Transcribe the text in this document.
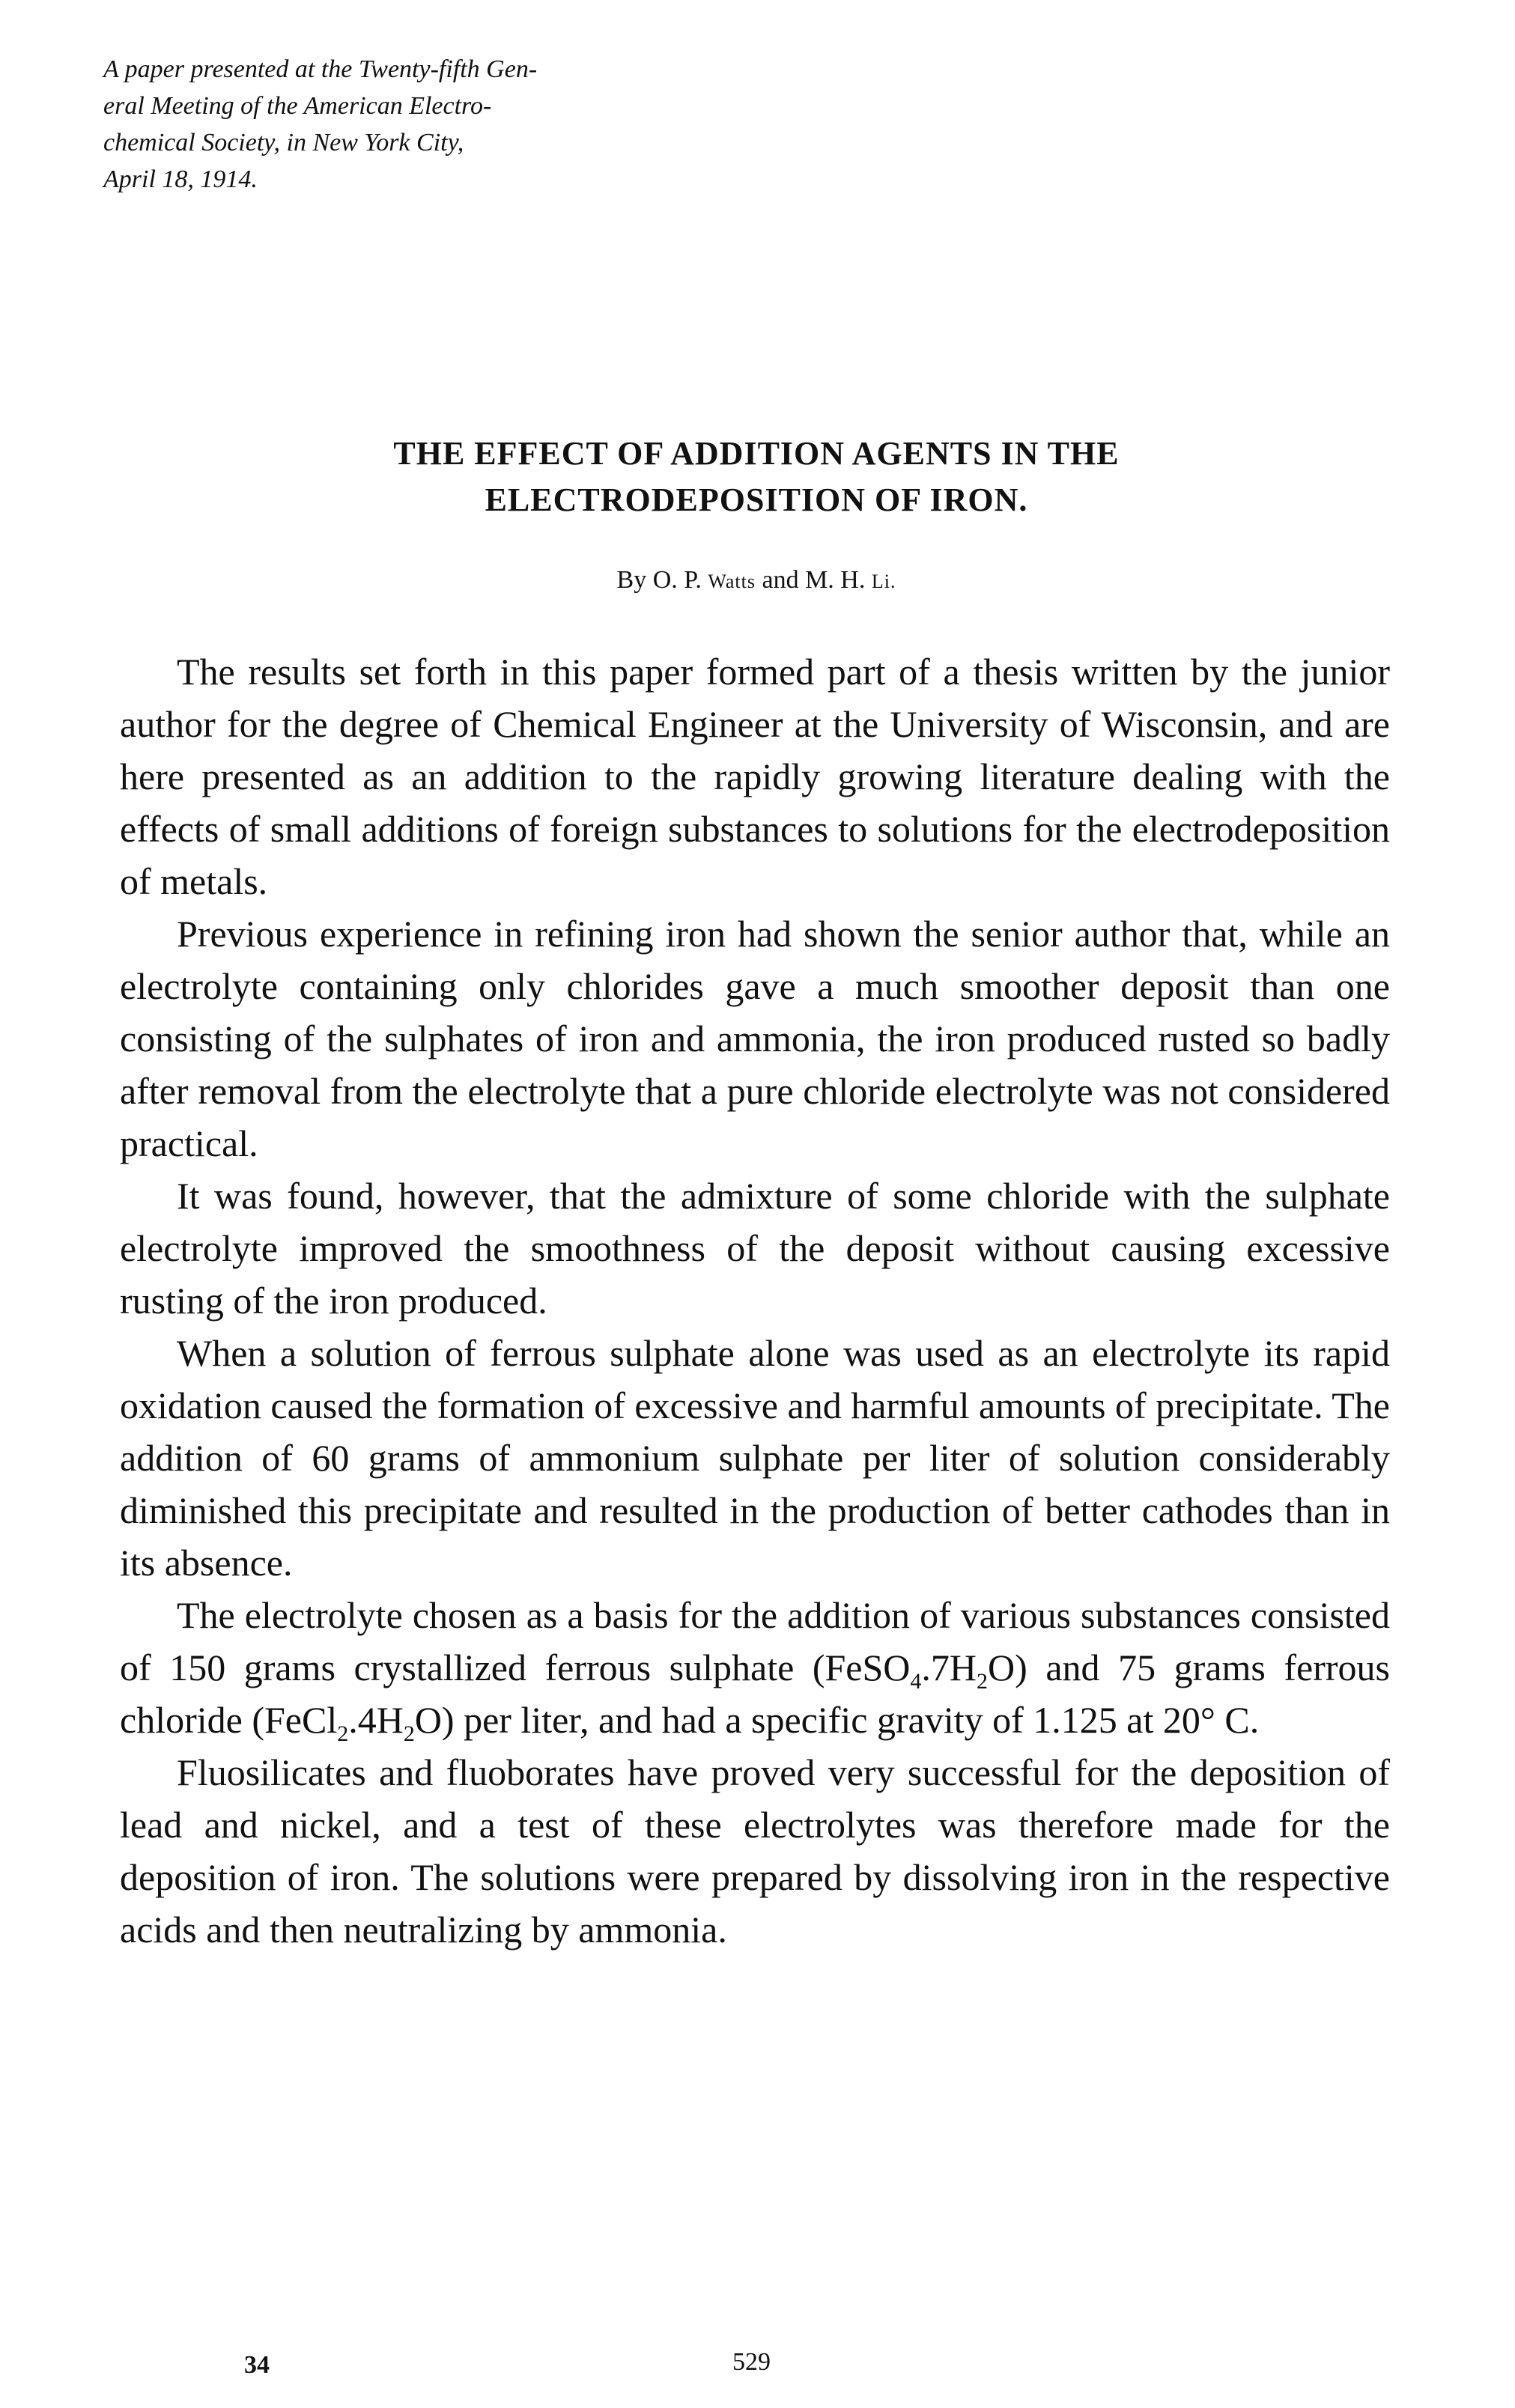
A paper presented at the Twenty-fifth Gen-
eral Meeting of the American Electro-
chemical Society, in New York City,
April 18, 1914.
THE EFFECT OF ADDITION AGENTS IN THE
ELECTRODEPOSITION OF IRON.
By O. P. Watts and M. H. Li.

The results set forth in this paper formed part of a thesis written by the junior author for the degree of Chemical Engineer at the University of Wisconsin, and are here presented as an addition to the rapidly growing literature dealing with the effects of small additions of foreign substances to solutions for the electrodeposition of metals.

Previous experience in refining iron had shown the senior author that, while an electrolyte containing only chlorides gave a much smoother deposit than one consisting of the sulphates of iron and ammonia, the iron produced rusted so badly after removal from the electrolyte that a pure chloride electrolyte was not considered practical.

It was found, however, that the admixture of some chloride with the sulphate electrolyte improved the smoothness of the deposit without causing excessive rusting of the iron produced.

When a solution of ferrous sulphate alone was used as an electrolyte its rapid oxidation caused the formation of excessive and harmful amounts of precipitate. The addition of 60 grams of ammonium sulphate per liter of solution considerably diminished this precipitate and resulted in the production of better cathodes than in its absence.

The electrolyte chosen as a basis for the addition of various substances consisted of 150 grams crystallized ferrous sulphate $(FeSO_4.7H_2O)$ and 75 grams ferrous chloride $(FeCl_2.4H_2O)$ per liter, and had a specific gravity of 1.125 at 20° C.

Fluosilicates and fluoborates have proved very successful for the deposition of lead and nickel, and a test of these electrolytes was therefore made for the deposition of iron. The solutions were prepared by dissolving iron in the respective acids and then neutralizing by ammonia.

34	529
